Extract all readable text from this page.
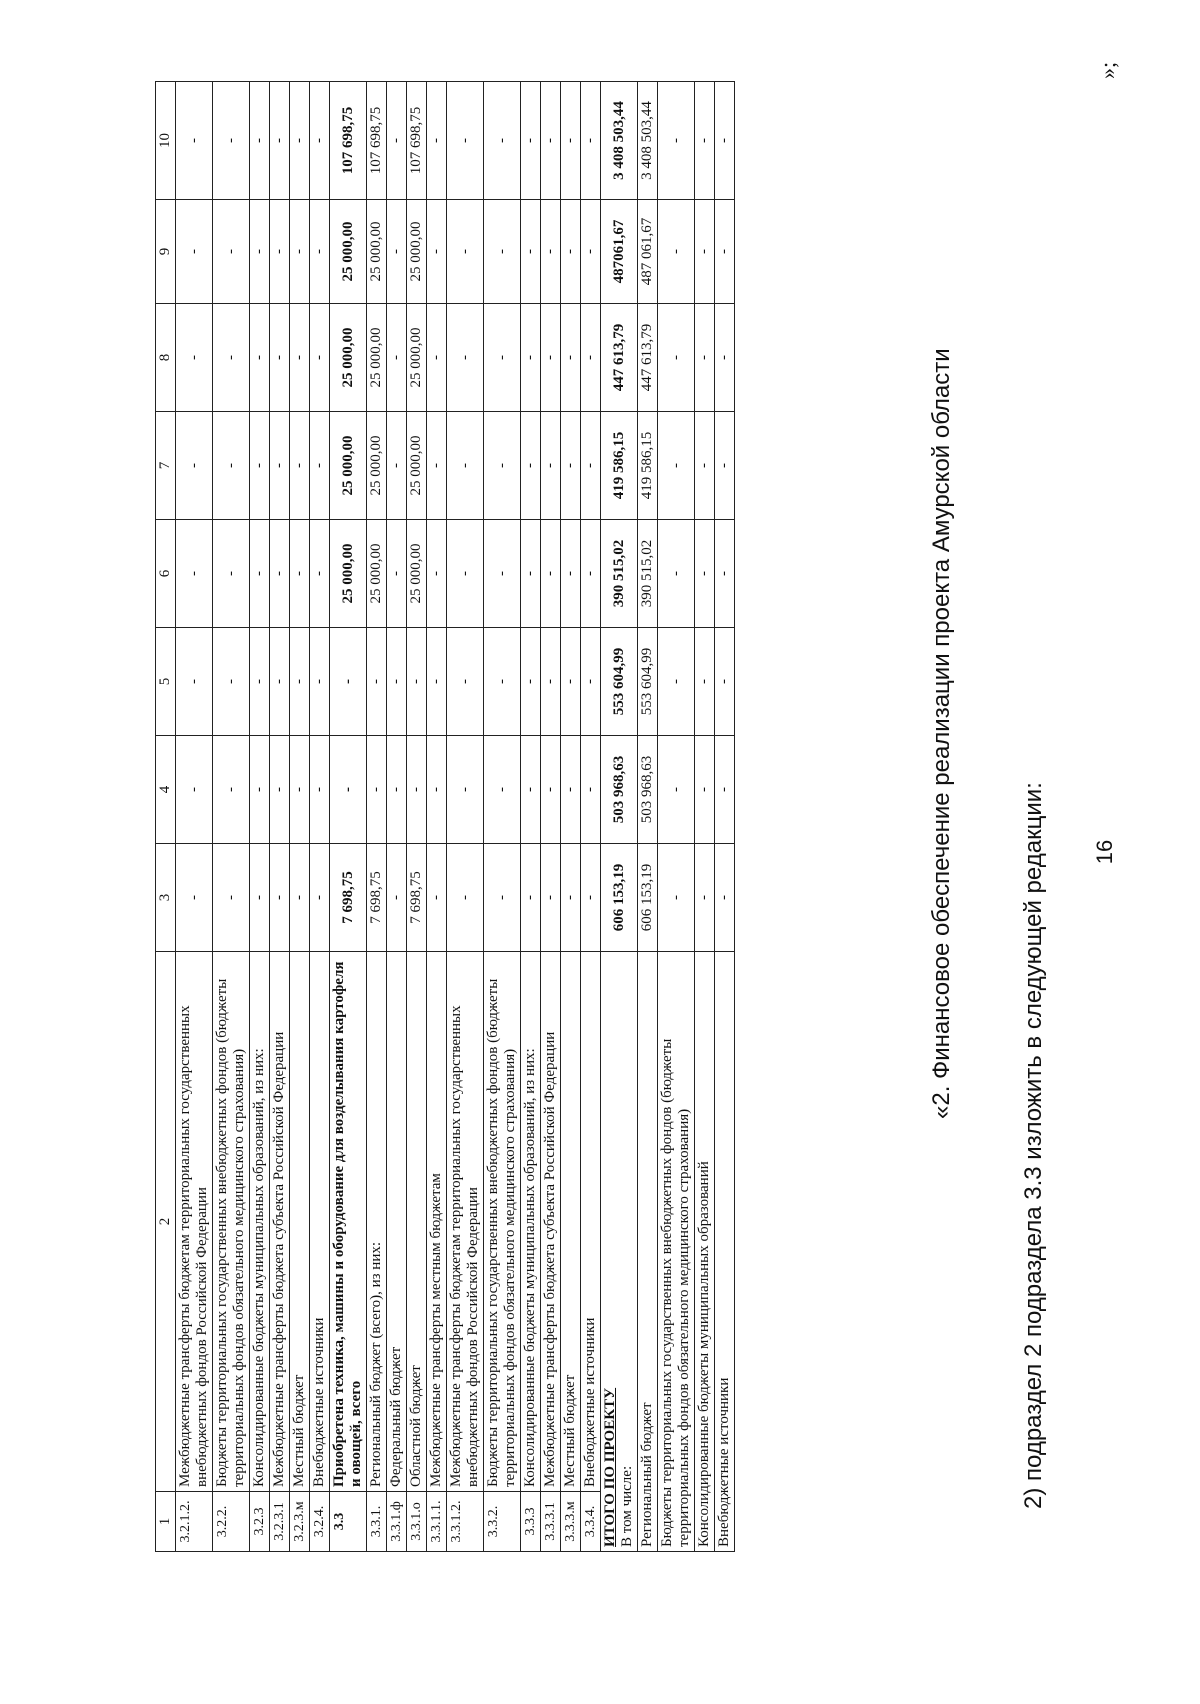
1	2	3	4	5	6	7	8	9	10
3.2.1.2.	Межбюджетные трансферты бюджетам территориальных государственных внебюджетных фондов Российской Федерации	-	-	-	-	-	-	-	-
3.2.2.	Бюджеты территориальных государственных внебюджетных фондов (бюджеты территориальных фондов обязательного медицинского страхования)	-	-	-	-	-	-	-	-
3.2.3	Консолидированные бюджеты муниципальных образований, из них:	-	-	-	-	-	-	-	-
3.2.3.1	Межбюджетные трансферты бюджета субъекта Российской Федерации	-	-	-	-	-	-	-	-
3.2.3.м	Местный бюджет	-	-	-	-	-	-	-	-
3.2.4.	Внебюджетные источники	-	-	-	-	-	-	-	-
3.3	Приобретена техника, машины и оборудование для возделывания картофеля и овощей, всего	7 698,75	-	-	25 000,00	25 000,00	25 000,00	25 000,00	107 698,75
3.3.1.	Региональный бюджет (всего), из них:	7 698,75	-	-	25 000,00	25 000,00	25 000,00	25 000,00	107 698,75
3.3.1.ф	Федеральный бюджет	-	-	-	-	-	-	-	-
3.3.1.о	Областной бюджет	7 698,75	-	-	25 000,00	25 000,00	25 000,00	25 000,00	107 698,75
3.3.1.1.	Межбюджетные трансферты местным бюджетам	-	-	-	-	-	-	-	-
3.3.1.2.	Межбюджетные трансферты бюджетам территориальных государственных внебюджетных фондов Российской Федерации	-	-	-	-	-	-	-	-
3.3.2.	Бюджеты территориальных государственных внебюджетных фондов (бюджеты территориальных фондов обязательного медицинского страхования)	-	-	-	-	-	-	-	-
3.3.3	Консолидированные бюджеты муниципальных образований, из них:	-	-	-	-	-	-	-	-
3.3.3.1	Межбюджетные трансферты бюджета субъекта Российской Федерации	-	-	-	-	-	-	-	-
3.3.3.м	Местный бюджет	-	-	-	-	-	-	-	-
3.3.4.	Внебюджетные источники	-	-	-	-	-	-	-	-

ИТОГО ПО ПРОЕКТУ В том числе:		606 153,19	503 968,63	553 604,99	390 515,02	419 586,15	447 613,79	487061,67	3 408 503,44
Региональный бюджет		606 153,19	503 968,63	553 604,99	390 515,02	419 586,15	447 613,79	487 061,67	3 408 503,44
Бюджеты территориальных государственных внебюджетных фондов (бюджеты территориальных фондов обязательного медицинского страхования)		-	-	-	-	-	-	-	-
Консолидированные бюджеты муниципальных образований		-	-	-	-	-	-	-	-
Внебюджетные источники		-	-	-	-	-	-	-	-
16
»;
2) подраздел 2 подраздела 3.3 изложить в следующей редакции:
«2. Финансовое обеспечение реализации проекта Амурской области
